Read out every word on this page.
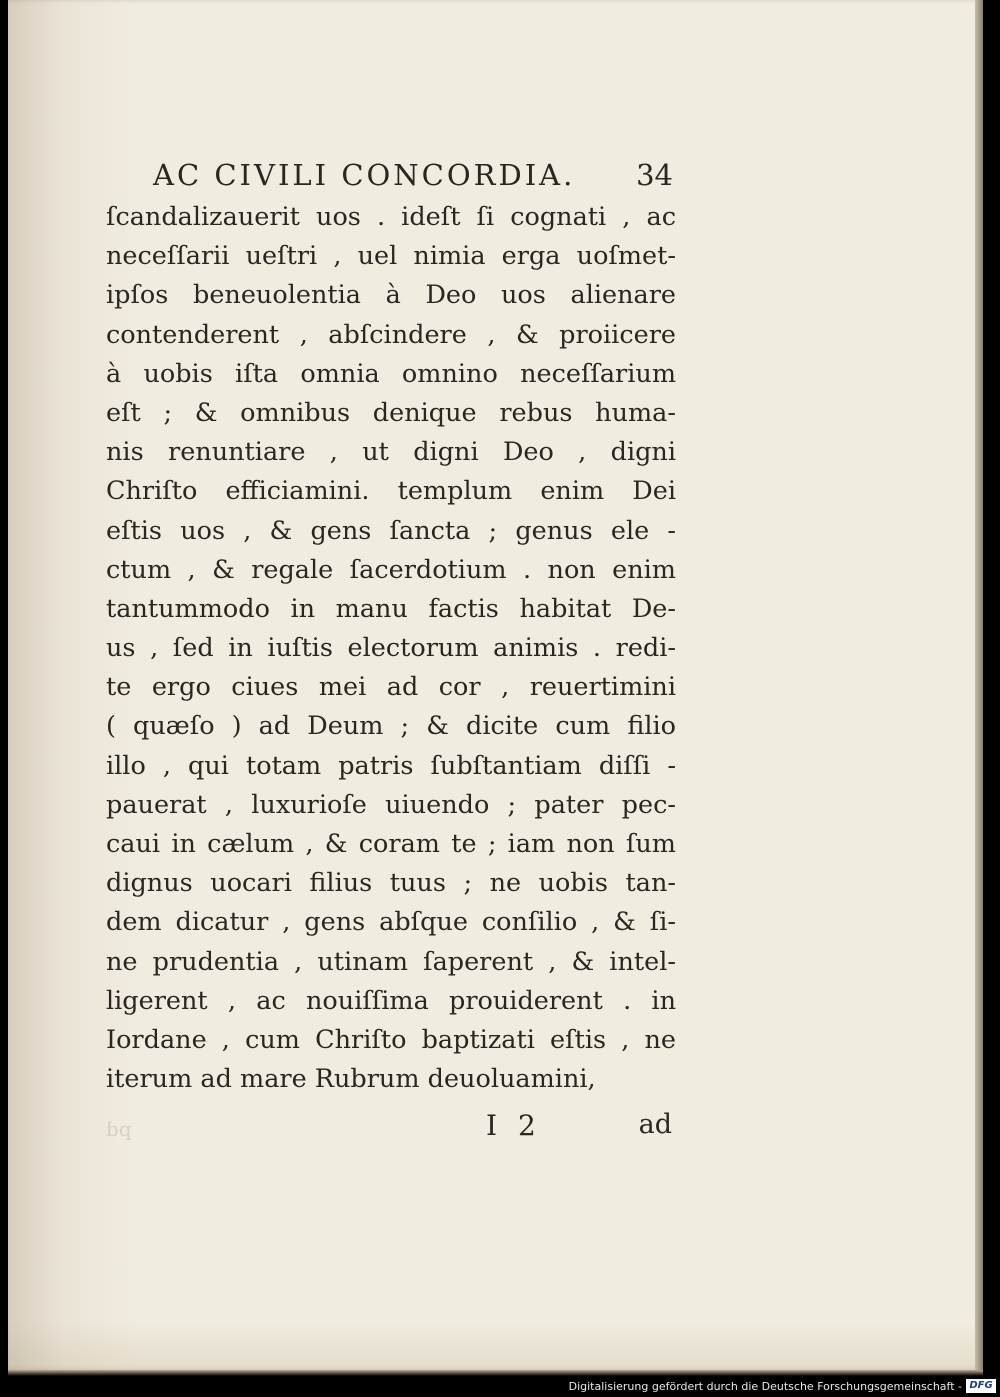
AC CIVILI CONCORDIA. 34
ſcandalizauerit uos . ideſt ſi cognati , ac
neceſſarii ueſtri , uel nimia erga uoſmet-
ipſos beneuolentia à Deo uos alienare
contenderent , abſcindere , & proiicere
à uobis iſta omnia omnino neceſſarium
eſt ; & omnibus denique rebus huma-
nis renuntiare , ut digni Deo , digni
Chriſto efficiamini. templum enim Dei
eſtis uos , & gens ſancta ; genus ele -
ctum , & regale ſacerdotium . non enim
tantummodo in manu factis habitat De-
us , ſed in iuſtis electorum animis . redi-
te ergo ciues mei ad cor , reuertimini
( quæſo ) ad Deum ; & dicite cum filio
illo , qui totam patris ſubſtantiam diſſi -
pauerat , luxurioſe uiuendo ; pater pec-
caui in cælum , & coram te ; iam non ſum
dignus uocari filius tuus ; ne uobis tan-
dem dicatur , gens abſque conſilio , & ſi-
ne prudentia , utinam ſaperent , & intel-
ligerent , ac nouiſſima prouiderent . in
Iordane , cum Chriſto baptizati eſtis , ne
iterum ad mare Rubrum deuoluamini,
pd	I 2	ad
Digitalisierung gefördert durch die Deutsche Forschungsgemeinschaft - DFG
